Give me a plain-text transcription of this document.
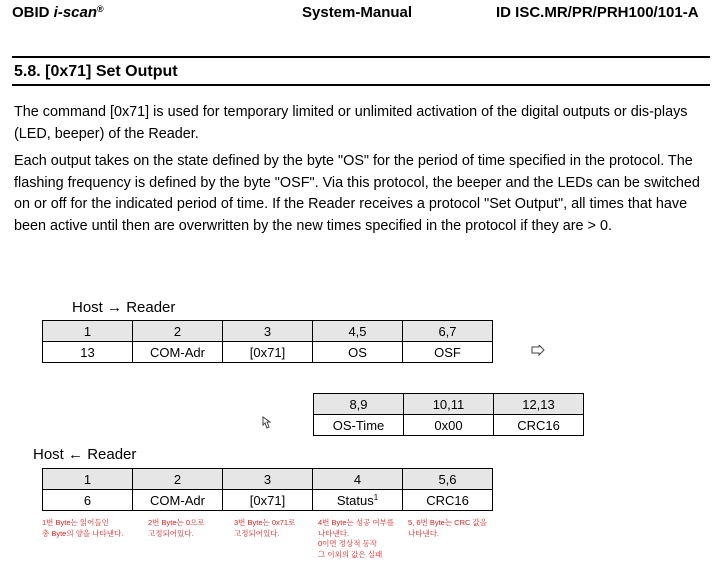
OBID i-scan®	System-Manual	ID ISC.MR/PR/PRH100/101-A
5.8. [0x71] Set Output

The command [0x71] is used for temporary limited or unlimited activation of the digital outputs or dis-plays (LED, beeper) of the Reader.

Each output takes on the state defined by the byte "OS" for the period of time specified in the protocol. The flashing frequency is defined by the byte "OSF". Via this protocol, the beeper and the LEDs can be switched on or off for the indicated period of time. If the Reader receives a protocol "Set Output", all times that have been active until then are overwritten by the new times specified in the protocol if they are > 0.

Host → Reader
1	2	3	4,5	6,7
13	COM-Adr	[0x71]	OS	OSF
8,9	10,11	12,13
OS-Time	0x00	CRC16
Host ← Reader
1	2	3	4	5,6
6	COM-Adr	[0x71]	Status$^1$	CRC16
1번 Byte는 읽어들인
총 Byte의 양을 나타낸다.
2번 Byte는 0으로
고정되어있다.
3번 Byte는 0x71로
고정되어있다.
4번 Byte는 성공 여부를
나타낸다.
0이면 정상적 동작
그 이외의 값은 실패
5, 6번 Byte는 CRC 값을
나타낸다.
